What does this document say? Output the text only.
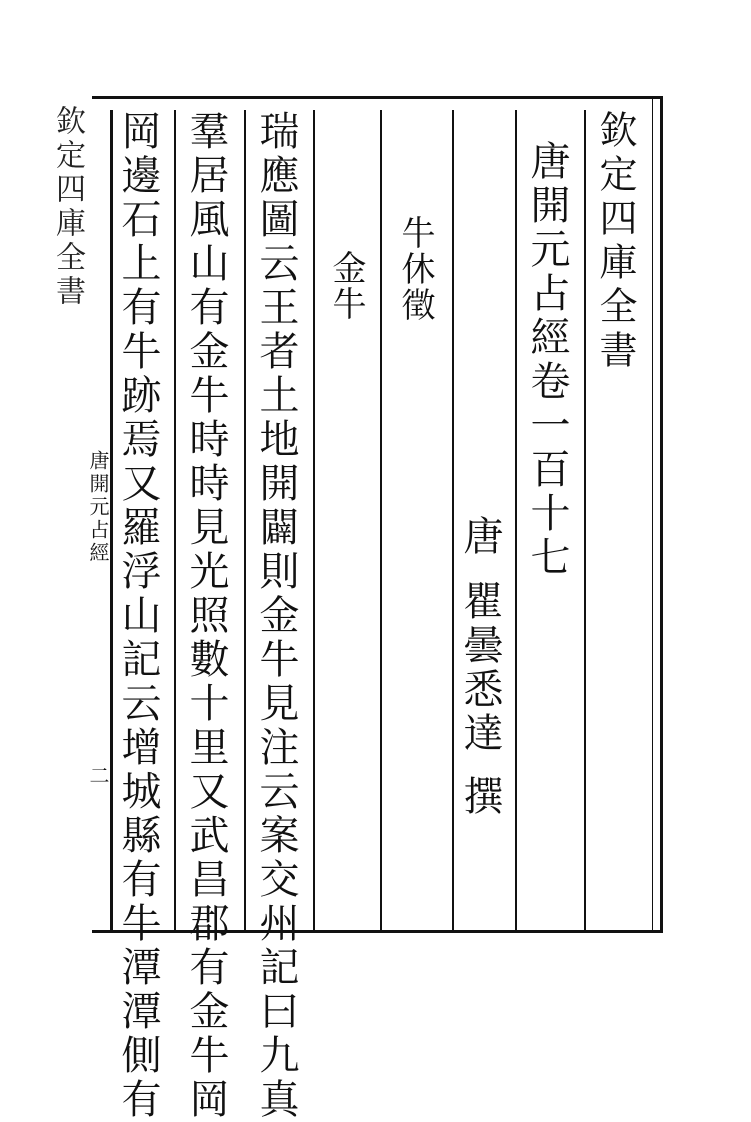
欽定四庫全書
唐開元占經卷一百十七
唐
瞿曇悉達
撰
牛休徵
金牛
瑞應圖云王者土地開闢則金牛見注云案交州記曰九真
羣居風山有金牛時時見光照數十里又武昌郡有金牛岡
岡邊石上有牛跡焉又羅浮山記云增城縣有牛潭潭側有
唐開元占經
二
欽定四庫全書
